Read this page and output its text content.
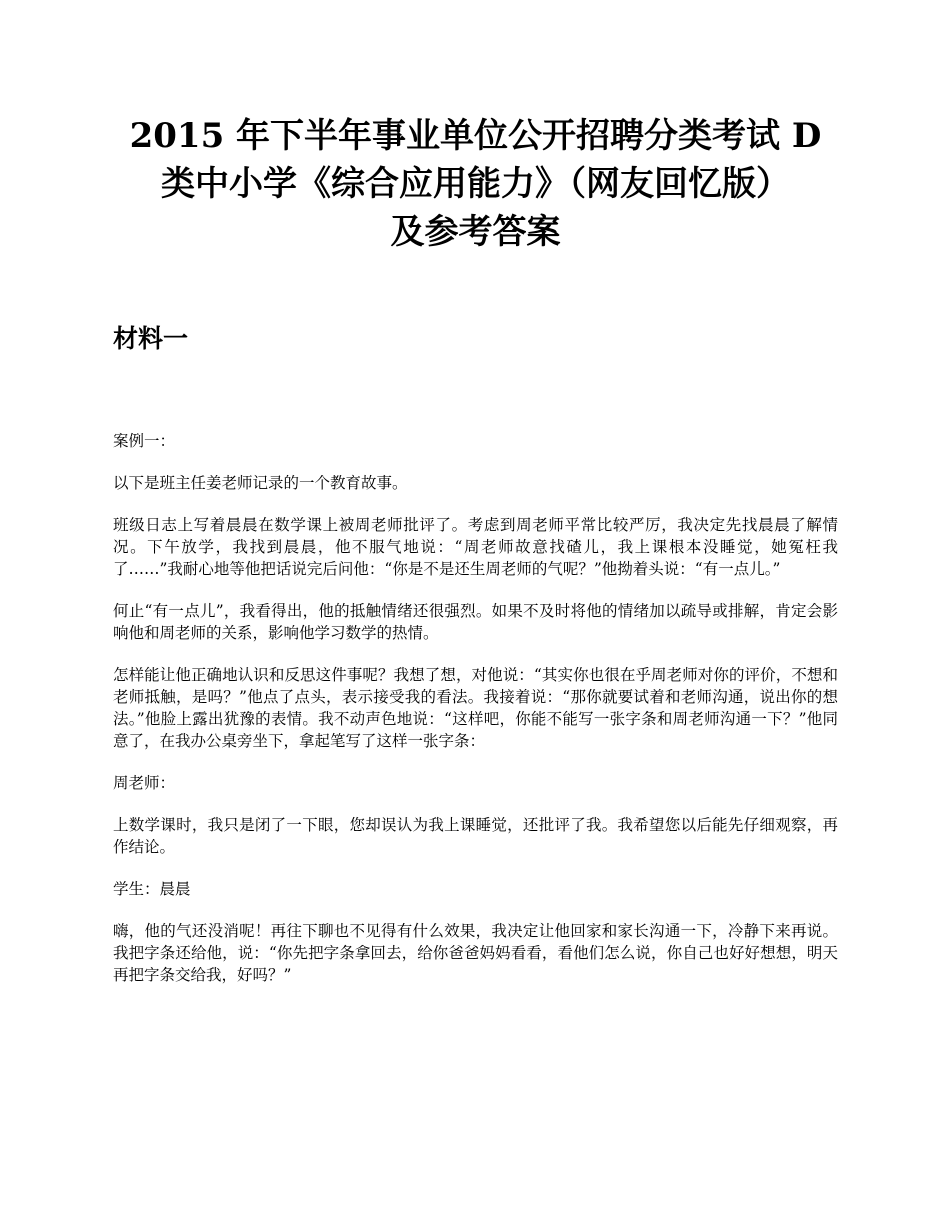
2015 年下半年事业单位公开招聘分类考试 D
类中小学《综合应用能力》（网友回忆版）
及参考答案
材料一

案例一：

以下是班主任姜老师记录的一个教育故事。

班级日志上写着晨晨在数学课上被周老师批评了。考虑到周老师平常比较严厉，我决定先找晨晨了解情况。下午放学，我找到晨晨，他不服气地说：“周老师故意找碴儿，我上课根本没睡觉，她冤枉我了……”我耐心地等他把话说完后问他：“你是不是还生周老师的气呢？”他拗着头说：“有一点儿。”

何止“有一点儿”，我看得出，他的抵触情绪还很强烈。如果不及时将他的情绪加以疏导或排解，肯定会影响他和周老师的关系，影响他学习数学的热情。

怎样能让他正确地认识和反思这件事呢？我想了想，对他说：“其实你也很在乎周老师对你的评价，不想和老师抵触，是吗？”他点了点头，表示接受我的看法。我接着说：“那你就要试着和老师沟通，说出你的想法。”他脸上露出犹豫的表情。我不动声色地说：“这样吧，你能不能写一张字条和周老师沟通一下？”他同意了，在我办公桌旁坐下，拿起笔写了这样一张字条：

周老师：

上数学课时，我只是闭了一下眼，您却误认为我上课睡觉，还批评了我。我希望您以后能先仔细观察，再作结论。

学生：晨晨

嗨，他的气还没消呢！再往下聊也不见得有什么效果，我决定让他回家和家长沟通一下，冷静下来再说。我把字条还给他，说：“你先把字条拿回去，给你爸爸妈妈看看，看他们怎么说，你自己也好好想想，明天再把字条交给我，好吗？”
